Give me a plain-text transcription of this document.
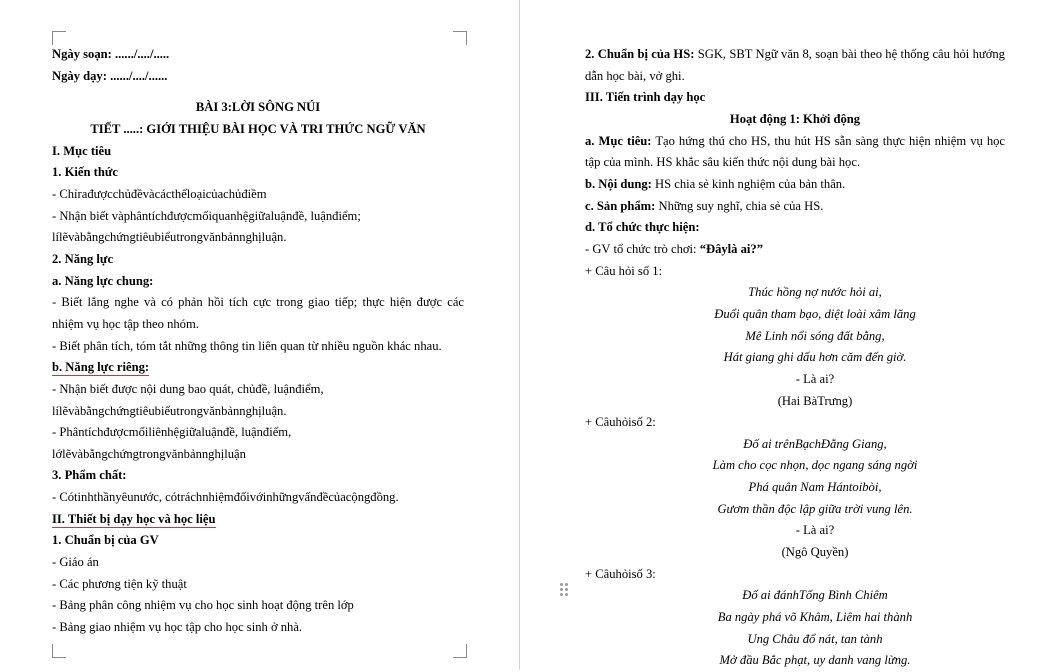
Ngày soạn: ....../..../.....

Ngày dạy: ....../..../......

BÀI 3:LỜI SÔNG NÚI

TIẾT .....: GIỚI THIỆU BÀI HỌC VÀ TRI THỨC NGỮ VĂN

I. Mục tiêu

1. Kiến thức

- Chỉrađượcchủđềvàcácthểloạicủachủđiềm

- Nhận biết vàphântíchđượcmốiquanhệgiữaluậnđề, luậnđiểm;

lílẽvàbằngchứngtiêubiểutrongvănbảnnghịluận.

2. Năng lực

a. Năng lực chung:

- Biết lắng nghe và có phản hồi tích cực trong giao tiếp; thực hiện được các nhiệm vụ học tập theo nhóm.

- Biết phân tích, tóm tắt những thông tin liên quan từ nhiều nguồn khác nhau.

b. Năng lực riêng:

- Nhận biết được nội dung bao quát, chủđề, luậnđiểm,

lílẽvàbằngchứngtiêubiểutrongvănbảnnghịluận.

- Phântíchđượcmốiliênhệgiữaluậnđề, luậnđiểm,

lớlẽvàbằngchứngtrongvănbảnnghịluận

3. Phẩm chất:

- Cótinhthầnyêunước, cótráchnhiệmđốivớinhữngvấnđềcủacộngđồng.

II. Thiết bị dạy học và học liệu

1. Chuẩn bị của GV

- Giáo án

- Các phương tiện kỹ thuật

- Bảng phân công nhiệm vụ cho học sinh hoạt động trên lớp

- Bảng giao nhiệm vụ học tập cho học sinh ở nhà.

2. Chuẩn bị của HS: SGK, SBT Ngữ văn 8, soạn bài theo hệ thống câu hỏi hướng dẫn học bài, vở ghi.

III. Tiến trình dạy học

Hoạt động 1: Khởi động

a. Mục tiêu: Tạo hứng thú cho HS, thu hút HS sẵn sàng thực hiện nhiệm vụ học tập của mình. HS khắc sâu kiến thức nội dung bài học.

b. Nội dung: HS chia sẻ kinh nghiệm của bản thân.

c. Sản phẩm: Những suy nghĩ, chia sẻ của HS.

d. Tổ chức thực hiện:

- GV tổ chức trò chơi: “Đâylà ai?”

+ Câu hỏi số 1:

Thúc hồng nợ nước hỏi ai,

Đuổi quân tham bạo, diệt loài xâm lăng

Mê Linh nổi sóng đất bằng,

Hát giang ghi dấu hơn căm đến giờ.

- Là ai?

(Hai BàTrưng)

+ Câuhỏisố 2:

Đố ai trênBạchĐằng Giang,

Làm cho cọc nhọn, dọc ngang sáng ngời

Phá quân Nam Hántoibòi,

Gươm thần độc lập giữa trời vung lên.

- Là ai?

(Ngô Quyền)

+ Câuhỏisố 3:

Đố ai đánhTống Bình Chiêm

Ba ngày phá võ Khâm, Liêm hai thành

Ung Châu đổ nát, tan tành

Mở đầu Bắc phạt, uy danh vang lừng.
